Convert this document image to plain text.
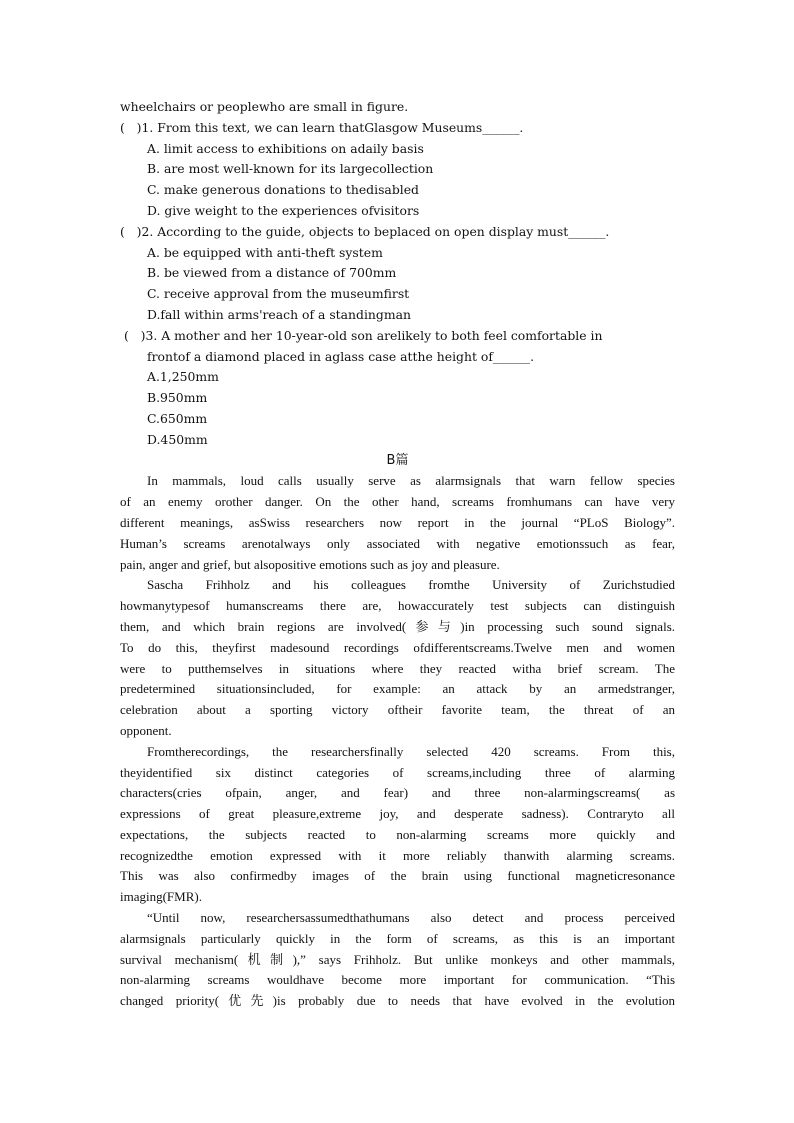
wheelchairs or peoplewho are small in figure.
(   )1. From this text, we can learn thatGlasgow Museums______.
A. limit access to exhibitions on adaily basis
B. are most well-known for its largecollection
C. make generous donations to thedisabled
D. give weight to the experiences ofvisitors
(   )2. According to the guide, objects to beplaced on open display must______.
A. be equipped with anti-theft system
B. be viewed from a distance of 700mm
C. receive approval from the museumfirst
D.fall within arms'reach of a standingman
(   )3. A mother and her 10-year-old son arelikely to both feel comfortable in
frontof a diamond placed in aglass case atthe height of______.
A.1,250mm
B.950mm
C.650mm
D.450mm
B篇
In mammals, loud calls usually serve as alarmsignals that warn fellow species
of an enemy orother danger. On the other hand, screams fromhumans can have very
different meanings, asSwiss researchers now report in the journal “PLoS Biology”.
Human’s screams arenotalways only associated with negative emotionssuch as fear,
pain, anger and grief, but alsopositive emotions such as joy and pleasure.
Sascha Frihholz and his colleagues fromthe University of Zurichstudied
howmanytypesof humanscreams there are, howaccurately test subjects can distinguish
them, and which brain regions are involved(参与)in processing such sound signals.
To do this, theyfirst madesound recordings ofdifferentscreams.Twelve men and women
were to putthemselves in situations where they reacted witha brief scream. The
predetermined situationsincluded, for example: an attack by an armedstranger,
celebration about a sporting victory oftheir favorite team, the threat of an
opponent.
Fromtherecordings, the researchersfinally selected 420 screams. From this,
theyidentified six distinct categories of screams,including three of alarming
characters(cries ofpain, anger, and fear) and three non-alarmingscreams( as
expressions of great pleasure,extreme joy, and desperate sadness). Contraryto all
expectations, the subjects reacted to non-alarming screams more quickly and
recognizedthe emotion expressed with it more reliably thanwith alarming screams.
This was also confirmedby images of the brain using functional magneticresonance
imaging(FMR).
“Until now, researchersassumedthathumans also detect and process perceived
alarmsignals particularly quickly in the form of screams, as this is an important
survival mechanism(机制),” says Frihholz. But unlike monkeys and other mammals,
non-alarming screams wouldhave become more important for communication. “This
changed priority(优先)is probably due to needs that have evolved in the evolution
